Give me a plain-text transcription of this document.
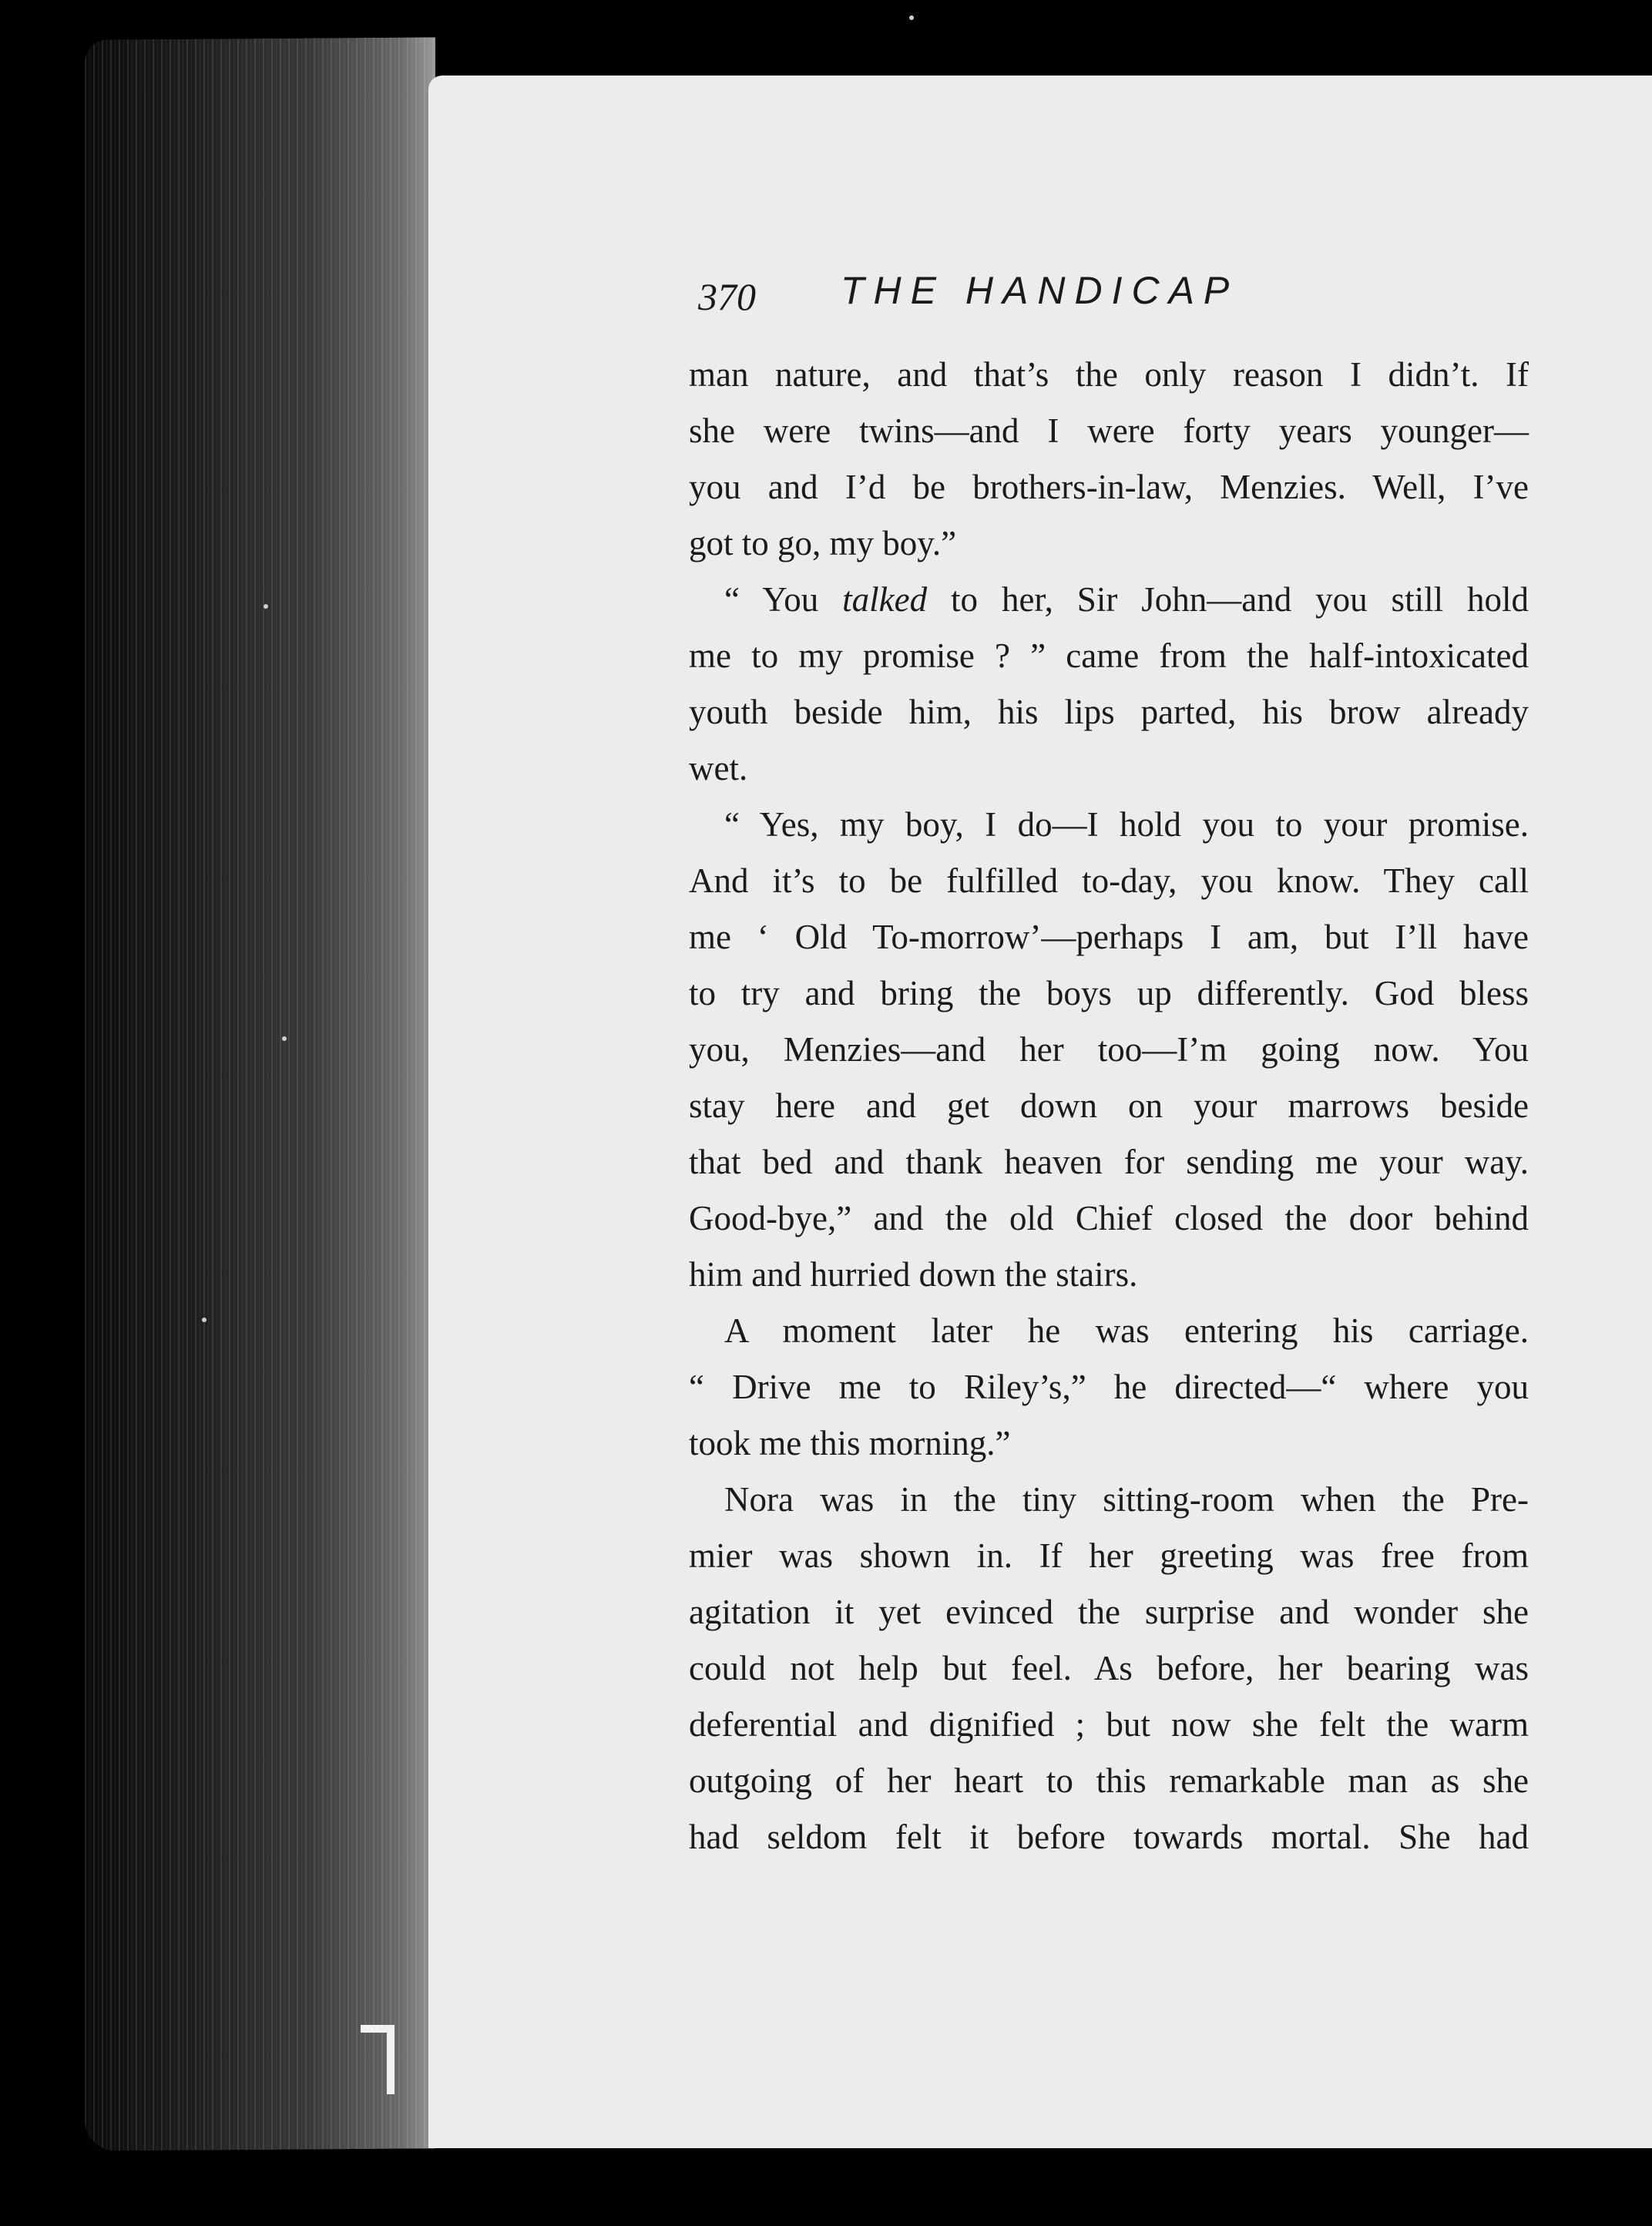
370 THE HANDICAP
man nature, and that’s the only reason I didn’t. If
she were twins—and I were forty years younger—
you and I’d be brothers-in-law, Menzies. Well, I’ve
got to go, my boy.”
“ You talked to her, Sir John—and you still hold
me to my promise ? ” came from the half-intoxicated
youth beside him, his lips parted, his brow already
wet.
“ Yes, my boy, I do—I hold you to your promise.
And it’s to be fulfilled to-day, you know. They call
me ‘ Old To-morrow’—perhaps I am, but I’ll have
to try and bring the boys up differently. God bless
you, Menzies—and her too—I’m going now. You
stay here and get down on your marrows beside
that bed and thank heaven for sending me your way.
Good-bye,” and the old Chief closed the door behind
him and hurried down the stairs.
A moment later he was entering his carriage.
“ Drive me to Riley’s,” he directed—“ where you
took me this morning.”
Nora was in the tiny sitting-room when the Pre-
mier was shown in. If her greeting was free from
agitation it yet evinced the surprise and wonder she
could not help but feel. As before, her bearing was
deferential and dignified ; but now she felt the warm
outgoing of her heart to this remarkable man as she
had seldom felt it before towards mortal. She had
